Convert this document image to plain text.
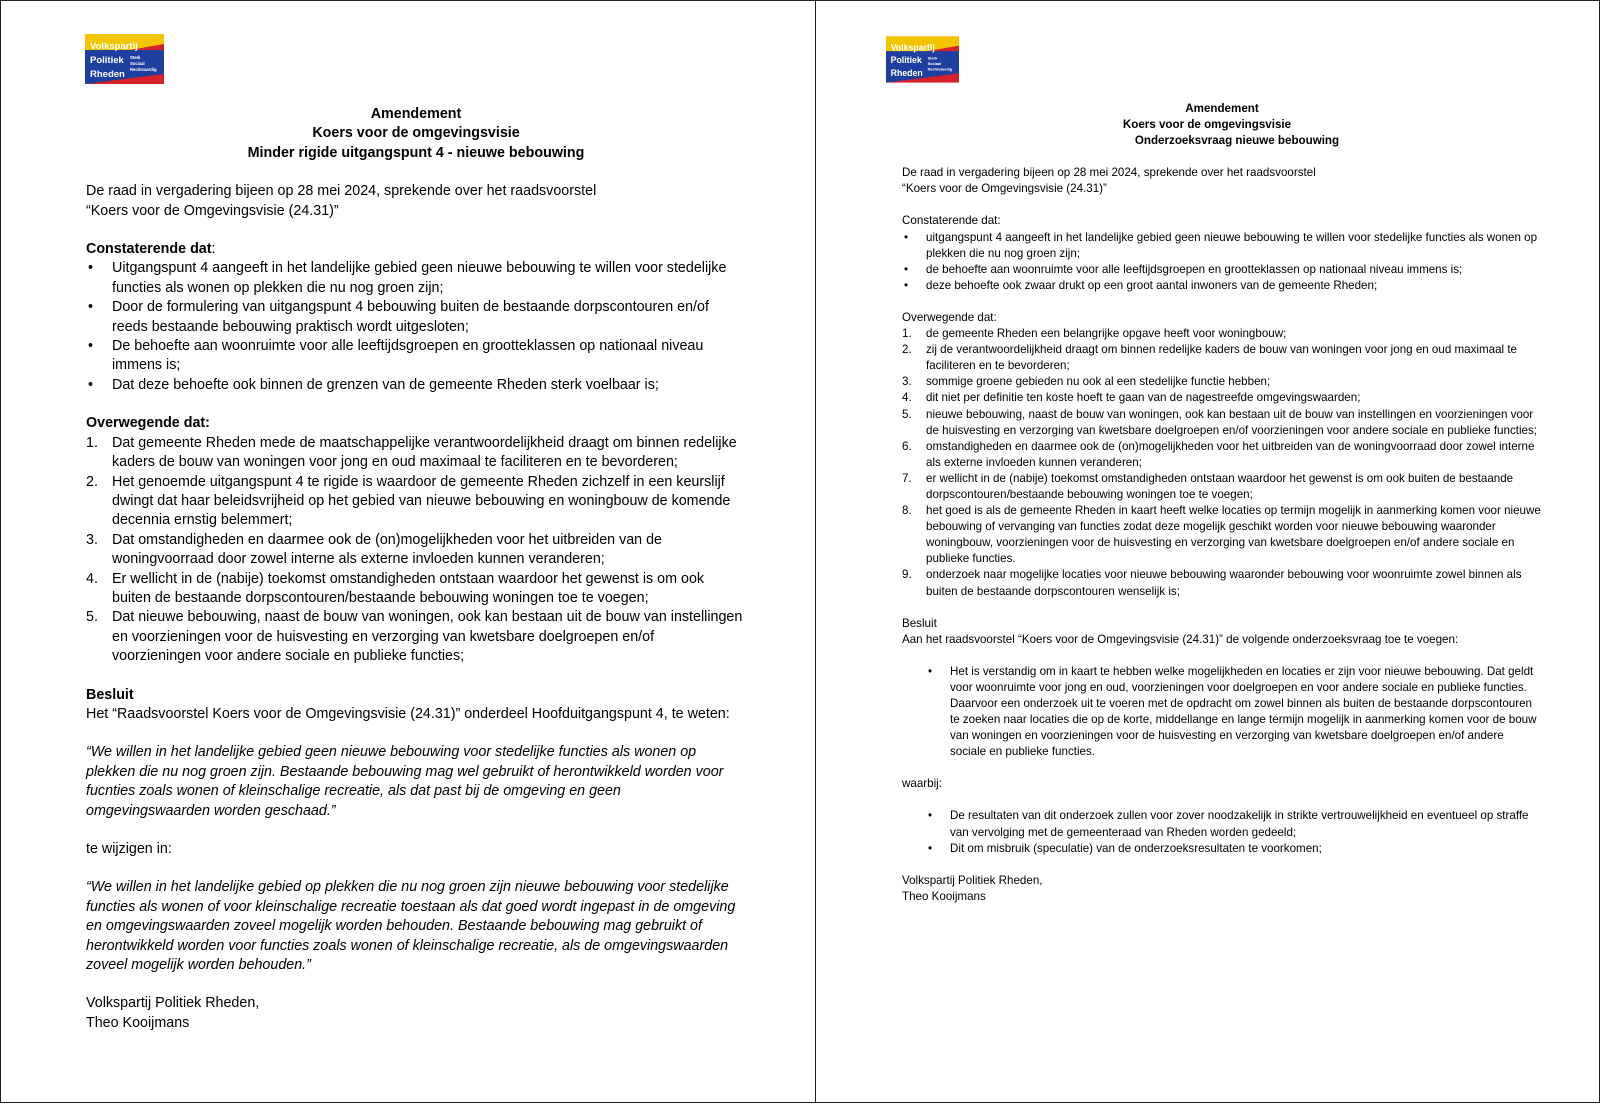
Volkspartij
Politiek
Rheden
Sterk
Sociaal
Rechtvaardig
Amendement
Koers voor de omgevingsvisie
Minder rigide uitgangspunt 4 - nieuwe bebouwing

De raad in vergadering bijeen op 28 mei 2024, sprekende over het raadsvoorstel

“Koers voor de Omgevingsvisie (24.31)”

Constaterende dat:

• Uitgangspunt 4 aangeeft in het landelijke gebied geen nieuwe bebouwing te willen voor stedelijke functies als wonen op plekken die nu nog groen zijn;
• Door de formulering van uitgangspunt 4 bebouwing buiten de bestaande dorpscontouren en/of reeds bestaande bebouwing praktisch wordt uitgesloten;
• De behoefte aan woonruimte voor alle leeftijdsgroepen en grootteklassen op nationaal niveau immens is;
• Dat deze behoefte ook binnen de grenzen van de gemeente Rheden sterk voelbaar is;

Overwegende dat:

1. Dat gemeente Rheden mede de maatschappelijke verantwoordelijkheid draagt om binnen redelijke kaders de bouw van woningen voor jong en oud maximaal te faciliteren en te bevorderen;
2. Het genoemde uitgangspunt 4 te rigide is waardoor de gemeente Rheden zichzelf in een keurslijf dwingt dat haar beleidsvrijheid op het gebied van nieuwe bebouwing en woningbouw de komende decennia ernstig belemmert;
3. Dat omstandigheden en daarmee ook de (on)mogelijkheden voor het uitbreiden van de woningvoorraad door zowel interne als externe invloeden kunnen veranderen;
4. Er wellicht in de (nabije) toekomst omstandigheden ontstaan waardoor het gewenst is om ook buiten de bestaande dorpscontouren/bestaande bebouwing woningen toe te voegen;
5. Dat nieuwe bebouwing, naast de bouw van woningen, ook kan bestaan uit de bouw van instellingen en voorzieningen voor de huisvesting en verzorging van kwetsbare doelgroepen en/of voorzieningen voor andere sociale en publieke functies;

Besluit

Het “Raadsvoorstel Koers voor de Omgevingsvisie (24.31)” onderdeel Hoofduitgangspunt 4, te weten:

“We willen in het landelijke gebied geen nieuwe bebouwing voor stedelijke functies als wonen op plekken die nu nog groen zijn. Bestaande bebouwing mag wel gebruikt of herontwikkeld worden voor fucnties zoals wonen of kleinschalige recreatie, als dat past bij de omgeving en geen omgevingswaarden worden geschaad.”

te wijzigen in:

“We willen in het landelijke gebied op plekken die nu nog groen zijn nieuwe bebouwing voor stedelijke functies als wonen of voor kleinschalige recreatie toestaan als dat goed wordt ingepast in de omgeving en omgevingswaarden zoveel mogelijk worden behouden. Bestaande bebouwing mag gebruikt of herontwikkeld worden voor functies zoals wonen of kleinschalige recreatie, als de omgevingswaarden zoveel mogelijk worden behouden.”

Volkspartij Politiek Rheden,
Theo Kooijmans
Volkspartij
Politiek
Rheden
Sterk
Sociaal
Rechtvaardig
Amendement
Koers voor de omgevingsvisie
Onderzoeksvraag nieuwe bebouwing

De raad in vergadering bijeen op 28 mei 2024, sprekende over het raadsvoorstel

“Koers voor de Omgevingsvisie (24.31)”

Constaterende dat:

• uitgangspunt 4 aangeeft in het landelijke gebied geen nieuwe bebouwing te willen voor stedelijke functies als wonen op plekken die nu nog groen zijn;
• de behoefte aan woonruimte voor alle leeftijdsgroepen en grootteklassen op nationaal niveau immens is;
• deze behoefte ook zwaar drukt op een groot aantal inwoners van de gemeente Rheden;

Overwegende dat:

1. de gemeente Rheden een belangrijke opgave heeft voor woningbouw;
2. zij de verantwoordelijkheid draagt om binnen redelijke kaders de bouw van woningen voor jong en oud maximaal te faciliteren en te bevorderen;
3. sommige groene gebieden nu ook al een stedelijke functie hebben;
4. dit niet per definitie ten koste hoeft te gaan van de nagestreefde omgevingswaarden;
5. nieuwe bebouwing, naast de bouw van woningen, ook kan bestaan uit de bouw van instellingen en voorzieningen voor de huisvesting en verzorging van kwetsbare doelgroepen en/of voorzieningen voor andere sociale en publieke functies;
6. omstandigheden en daarmee ook de (on)mogelijkheden voor het uitbreiden van de woningvoorraad door zowel interne als externe invloeden kunnen veranderen;
7. er wellicht in de (nabije) toekomst omstandigheden ontstaan waardoor het gewenst is om ook buiten de bestaande dorpscontouren/bestaande bebouwing woningen toe te voegen;
8. het goed is als de gemeente Rheden in kaart heeft welke locaties op termijn mogelijk in aanmerking komen voor nieuwe bebouwing of vervanging van functies zodat deze mogelijk geschikt worden voor nieuwe bebouwing waaronder woningbouw, voorzieningen voor de huisvesting en verzorging van kwetsbare doelgroepen en/of andere sociale en publieke functies.
9. onderzoek naar mogelijke locaties voor nieuwe bebouwing waaronder bebouwing voor woonruimte zowel binnen als buiten de bestaande dorpscontouren wenselijk is;

Besluit

Aan het raadsvoorstel “Koers voor de Omgevingsvisie (24.31)” de volgende onderzoeksvraag toe te voegen:

• Het is verstandig om in kaart te hebben welke mogelijkheden en locaties er zijn voor nieuwe bebouwing. Dat geldt voor woonruimte voor jong en oud, voorzieningen voor doelgroepen en voor andere sociale en publieke functies. Daarvoor een onderzoek uit te voeren met de opdracht om zowel binnen als buiten de bestaande dorpscontouren te zoeken naar locaties die op de korte, middellange en lange termijn mogelijk in aanmerking komen voor de bouw van woningen en voorzieningen voor de huisvesting en verzorging van kwetsbare doelgroepen en/of andere sociale en publieke functies.

waarbij:

• De resultaten van dit onderzoek zullen voor zover noodzakelijk in strikte vertrouwelijkheid en eventueel op straffe van vervolging met de gemeenteraad van Rheden worden gedeeld;
• Dit om misbruik (speculatie) van de onderzoeksresultaten te voorkomen;
Volkspartij Politiek Rheden,
Theo Kooijmans
